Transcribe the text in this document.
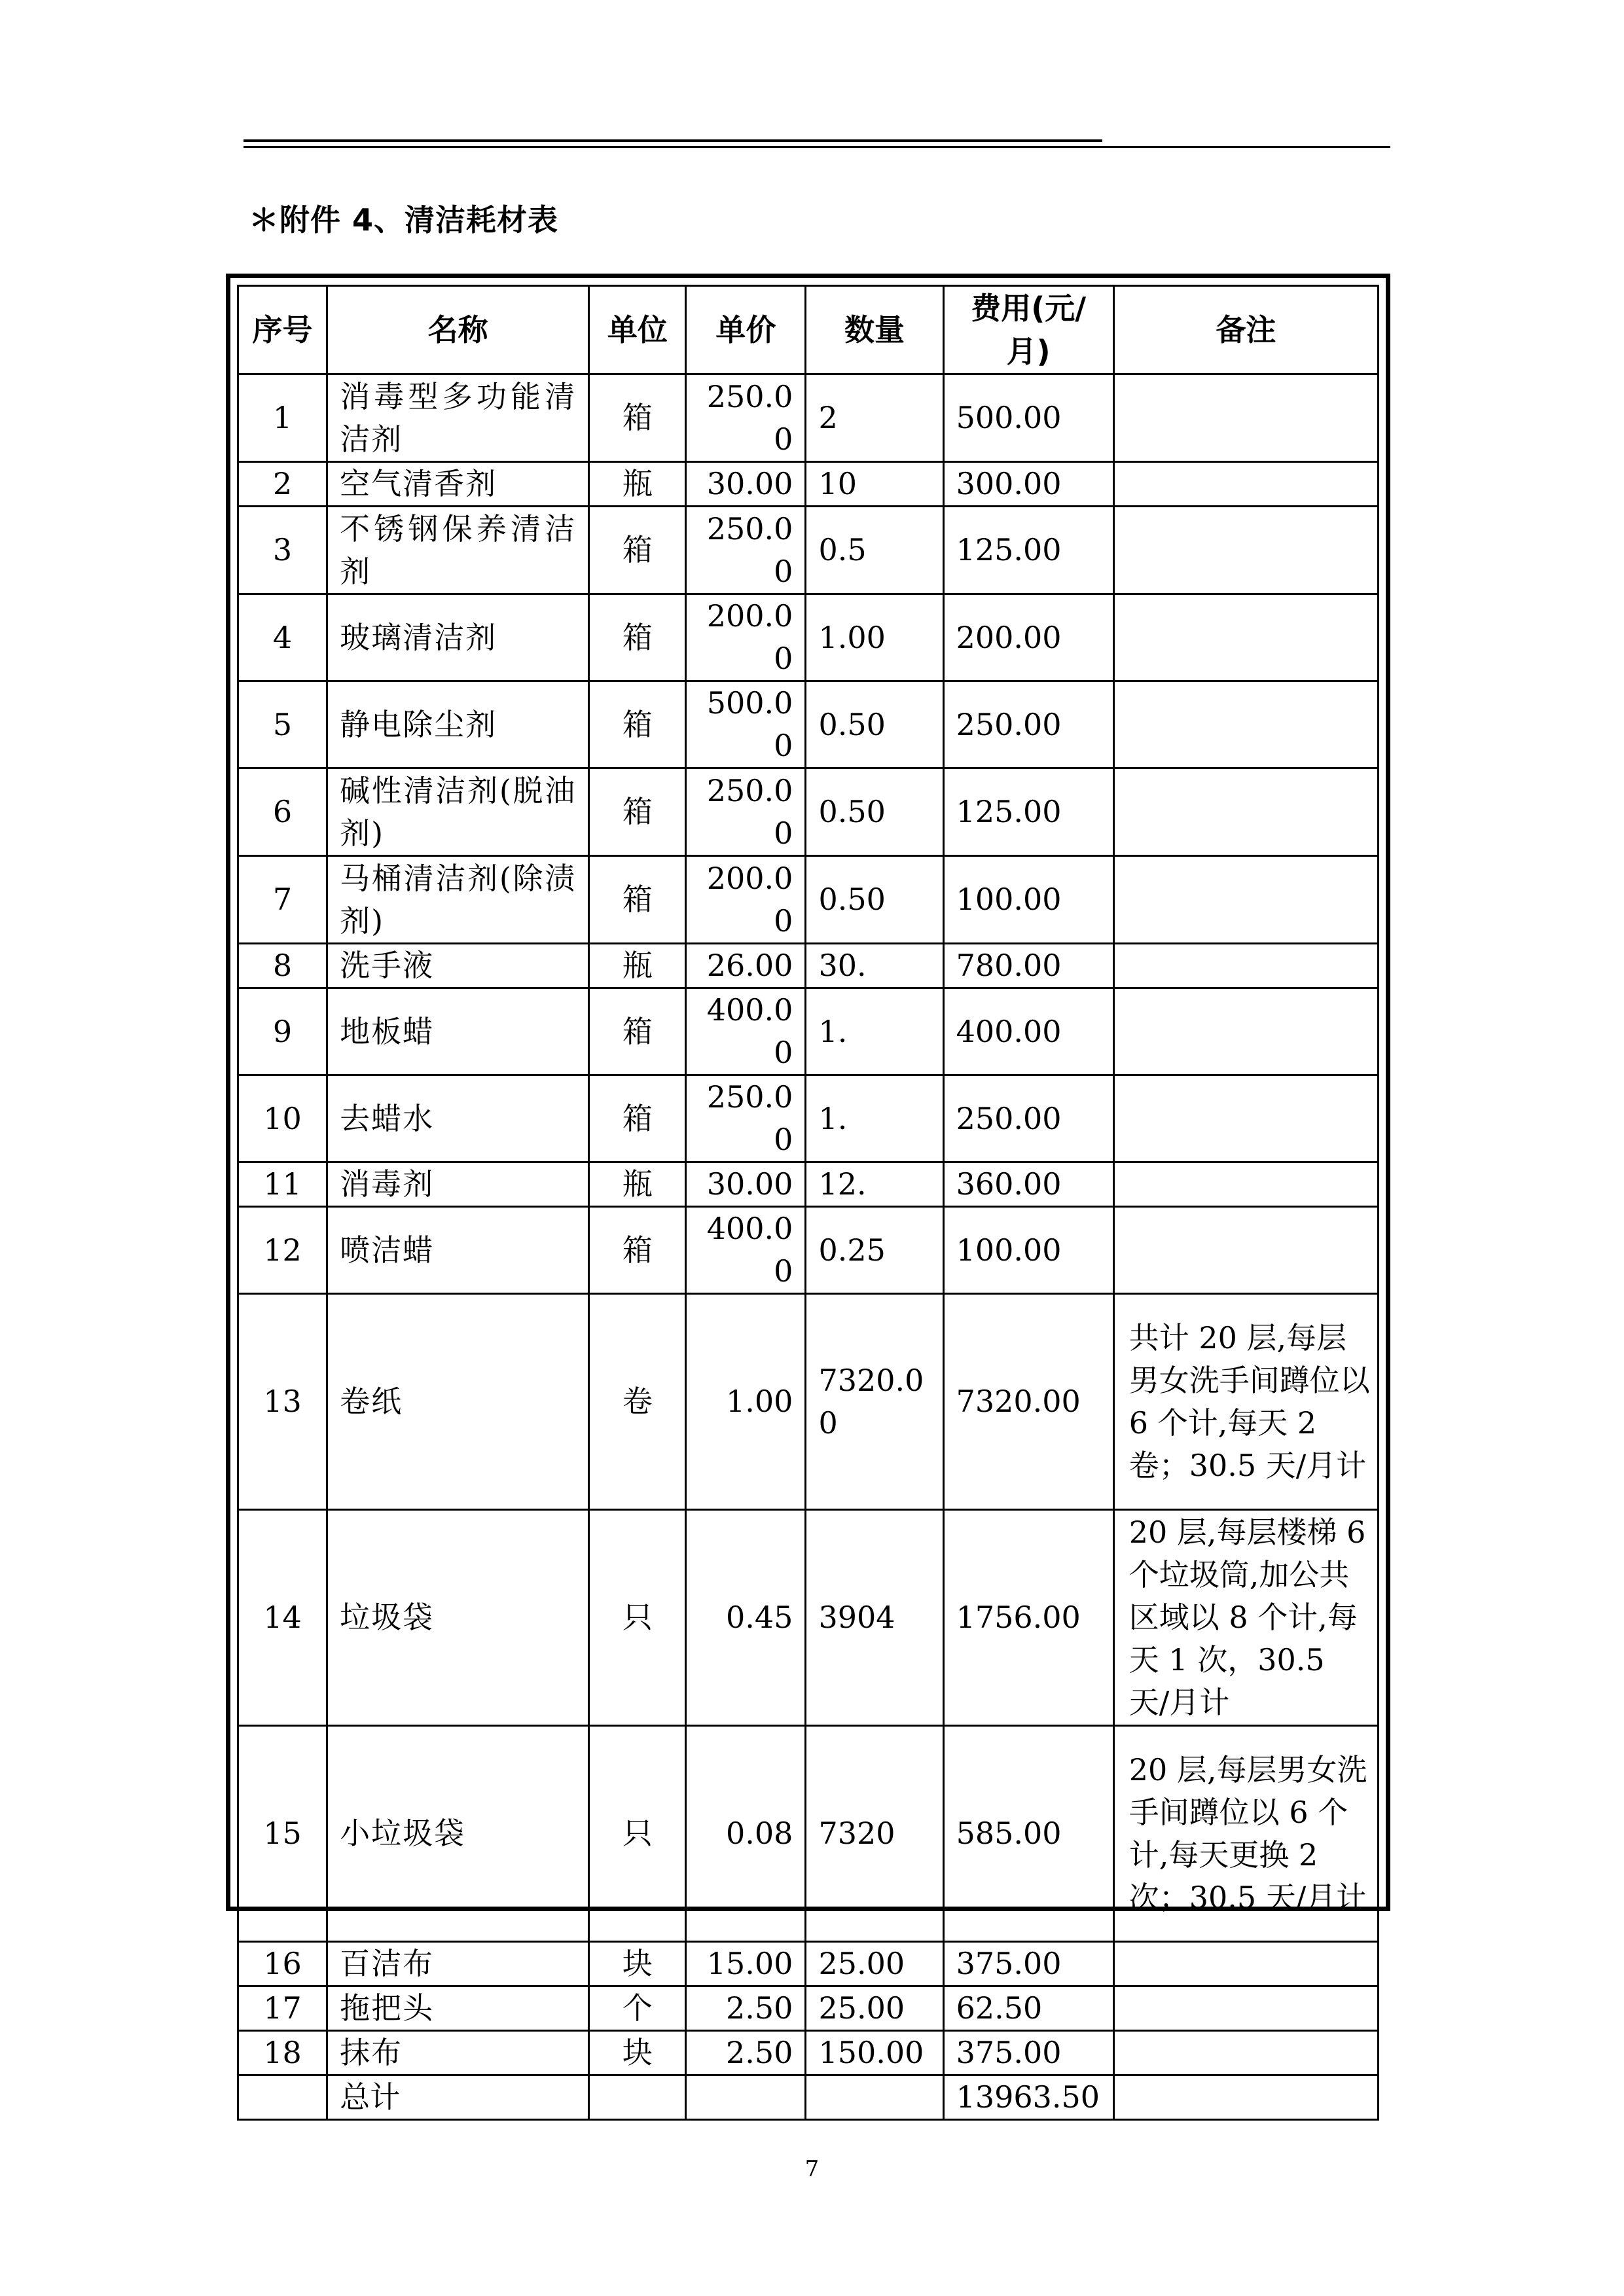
＊附件 4、清洁耗材表
序号	名称	单位	单价	数量	费用(元/月)	备注
1	消毒型多功能清洁剂	箱	250.00	2	500.00	
2	空气清香剂	瓶	30.00	10	300.00	
3	不锈钢保养清洁剂	箱	250.00	0.5	125.00	
4	玻璃清洁剂	箱	200.00	1.00	200.00	
5	静电除尘剂	箱	500.00	0.50	250.00	
6	碱性清洁剂(脱油剂)	箱	250.00	0.50	125.00	
7	马桶清洁剂(除渍剂)	箱	200.00	0.50	100.00	
8	洗手液	瓶	26.00	30.	780.00	
9	地板蜡	箱	400.00	1.	400.00	
10	去蜡水	箱	250.00	1.	250.00	
11	消毒剂	瓶	30.00	12.	360.00	
12	喷洁蜡	箱	400.00	0.25	100.00	
13	卷纸	卷	1.00	7320.00	7320.00	共计 20 层,每层男女洗手间蹲位以 6 个计,每天 2 卷；30.5 天/月计
14	垃圾袋	只	0.45	3904	1756.00	20 层,每层楼梯 6 个垃圾筒,加公共区域以 8 个计,每天 1 次，30.5 天/月计
15	小垃圾袋	只	0.08	7320	585.00	20 层,每层男女洗手间蹲位以 6 个计,每天更换 2 次；30.5 天/月计
16	百洁布	块	15.00	25.00	375.00	
17	拖把头	个	2.50	25.00	62.50	
18	抹布	块	2.50	150.00	375.00	
	总计				13963.50	
7
